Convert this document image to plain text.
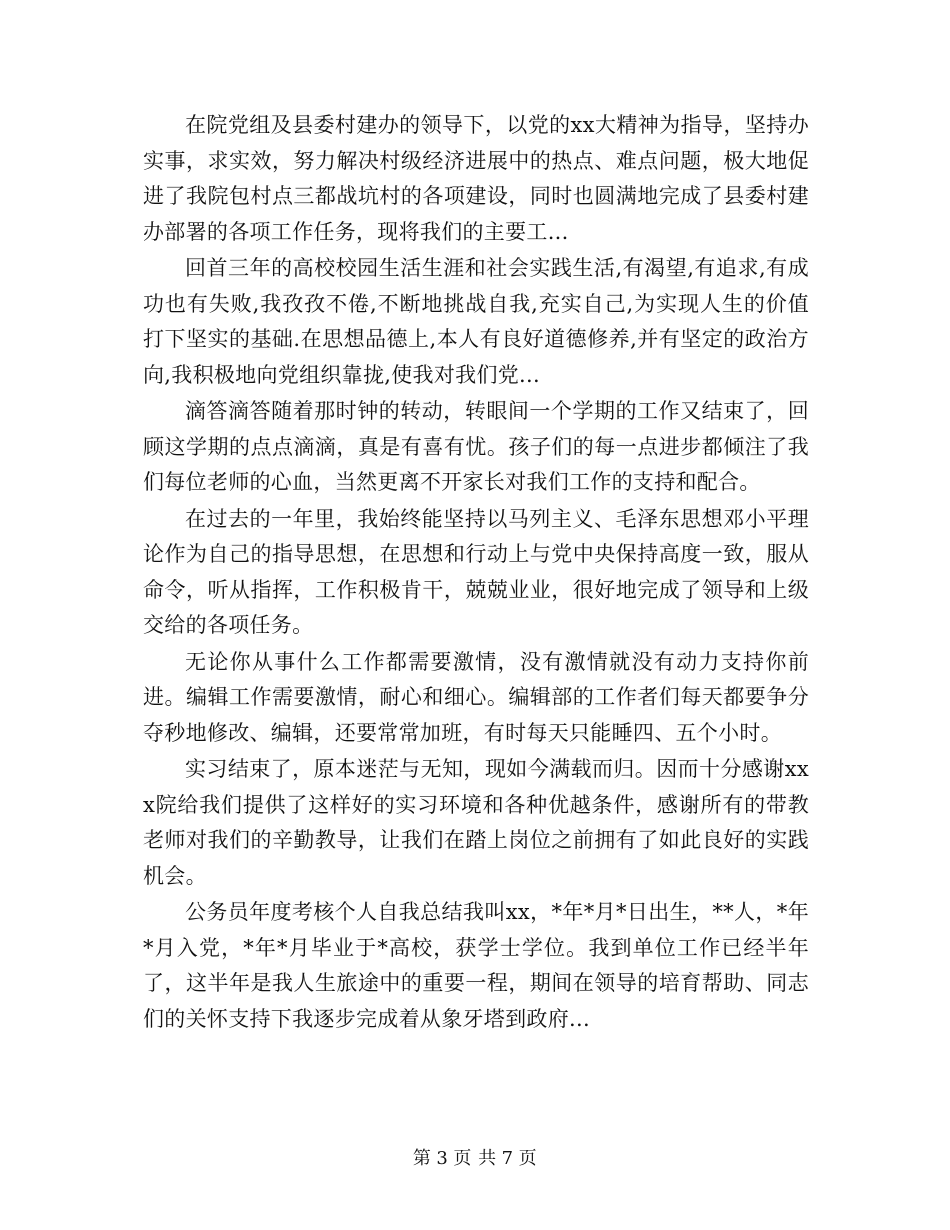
在院党组及县委村建办的领导下，以党的xx大精神为指导，坚持办实事，求实效，努力解决村级经济进展中的热点、难点问题，极大地促进了我院包村点三都战坑村的各项建设，同时也圆满地完成了县委村建办部署的各项工作任务，现将我们的主要工...

回首三年的高校校园生活生涯和社会实践生活,有渴望,有追求,有成功也有失败,我孜孜不倦,不断地挑战自我,充实自己,为实现人生的价值打下坚实的基础.在思想品德上,本人有良好道德修养,并有坚定的政治方向,我积极地向党组织靠拢,使我对我们党...

滴答滴答随着那时钟的转动，转眼间一个学期的工作又结束了，回顾这学期的点点滴滴，真是有喜有忧。孩子们的每一点进步都倾注了我们每位老师的心血，当然更离不开家长对我们工作的支持和配合。

在过去的一年里，我始终能坚持以马列主义、毛泽东思想邓小平理论作为自己的指导思想，在思想和行动上与党中央保持高度一致，服从命令，听从指挥，工作积极肯干，兢兢业业，很好地完成了领导和上级交给的各项任务。

无论你从事什么工作都需要激情，没有激情就没有动力支持你前进。编辑工作需要激情，耐心和细心。编辑部的工作者们每天都要争分夺秒地修改、编辑，还要常常加班，有时每天只能睡四、五个小时。

实习结束了，原本迷茫与无知，现如今满载而归。因而十分感谢xxx院给我们提供了这样好的实习环境和各种优越条件，感谢所有的带教老师对我们的辛勤教导，让我们在踏上岗位之前拥有了如此良好的实践机会。

公务员年度考核个人自我总结我叫xx，*年*月*日出生，**人，*年*月入党，*年*月毕业于*高校，获学士学位。我到单位工作已经半年了，这半年是我人生旅途中的重要一程，期间在领导的培育帮助、同志们的关怀支持下我逐步完成着从象牙塔到政府...

第 3 页 共 7 页
